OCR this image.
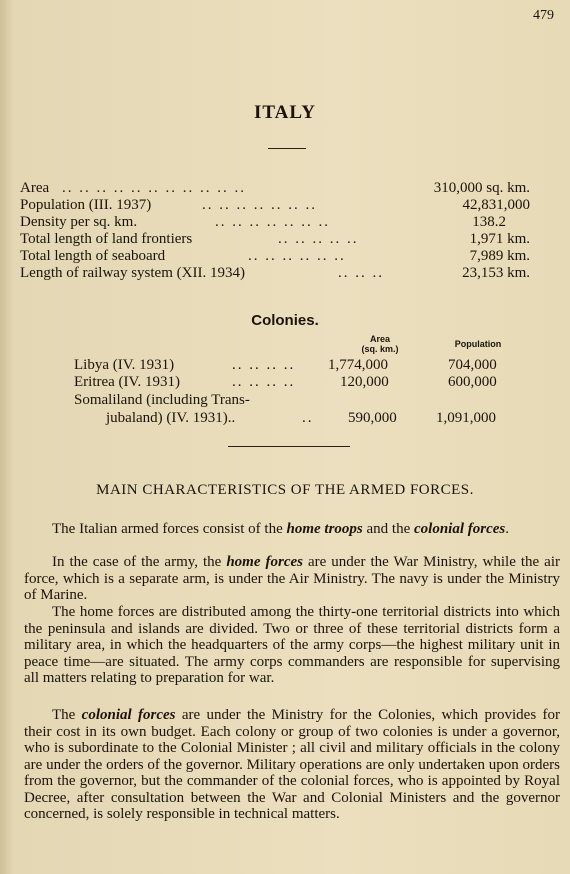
479
ITALY
Area .. .. .. .. .. .. .. .. .. .. ..	310,000 sq. km.
Population (III. 1937)	.. .. .. .. .. .. ..	42,831,000
Density per sq. km.	.. .. .. .. .. .. ..	138.2
Total length of land frontiers	.. .. .. .. ..	1,971 km.
Total length of seaboard	.. .. .. .. .. ..	7,989 km.
Length of railway system (XII. 1934)	.. .. ..	23,153 km.
Colonies.
Area
(sq. km.)	Population
Libya (IV. 1931)	.. .. .. .. 1,774,000	704,000
Eritrea (IV. 1931)	.. .. .. ..	120,000	600,000
Somaliland (including Trans-
jubaland) (IV. 1931)..	.. 590,000	1,091,000
MAIN CHARACTERISTICS OF THE ARMED FORCES.
The Italian armed forces consist of the home troops and the colonial forces.
In the case of the army, the home forces are under the War Ministry, while the air force, which is a separate arm, is under the Air Ministry. The navy is under the Ministry of Marine.
The home forces are distributed among the thirty-one territorial districts into which the peninsula and islands are divided. Two or three of these territorial districts form a military area, in which the headquarters of the army corps—the highest military unit in peace time—are situated. The army corps commanders are responsible for supervising all matters relating to preparation for war.
The colonial forces are under the Ministry for the Colonies, which provides for their cost in its own budget. Each colony or group of two colonies is under a governor, who is subordinate to the Colonial Minister ; all civil and military officials in the colony are under the orders of the governor. Military operations are only undertaken upon orders from the governor, but the commander of the colonial forces, who is appointed by Royal Decree, after consultation between the War and Colonial Ministers and the governor concerned, is solely responsible in technical matters.
